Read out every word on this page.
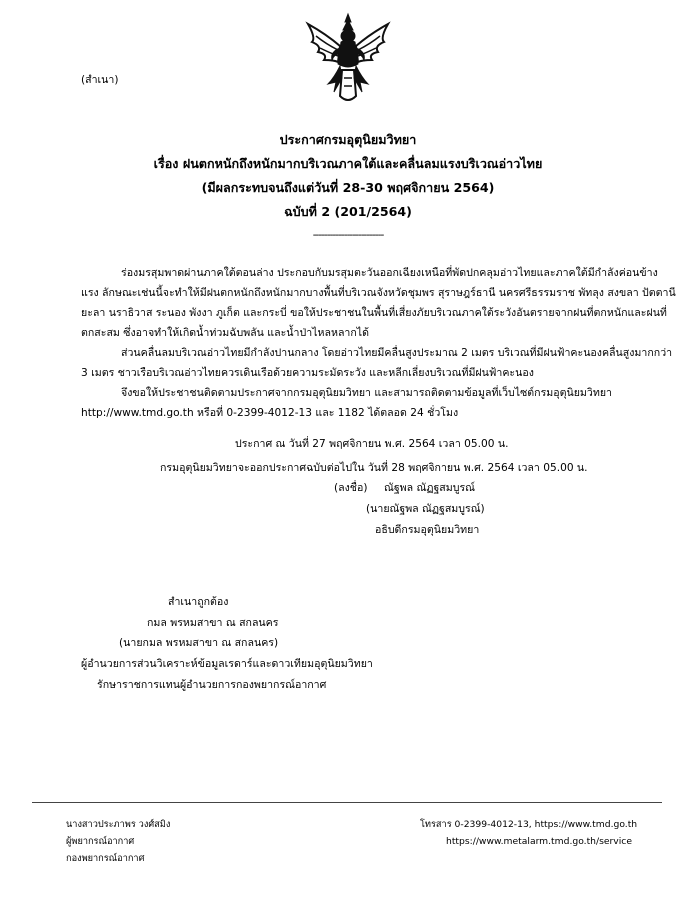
(สำเนา)
ประกาศกรมอุตุนิยมวิทยา
เรื่อง ฝนตกหนักถึงหนักมากบริเวณภาคใต้และคลื่นลมแรงบริเวณอ่าวไทย
(มีผลกระทบจนถึงแต่วันที่ 28-30 พฤศจิกายน 2564)
ฉบับที่ 2 (201/2564)
-------------------------
ร่องมรสุมพาดผ่านภาคใต้ตอนล่าง ประกอบกับมรสุมตะวันออกเฉียงเหนือที่พัดปกคลุมอ่าวไทยและภาคใต้มีกำลังค่อนข้าง
แรง ลักษณะเช่นนี้จะทำให้มีฝนตกหนักถึงหนักมากบางพื้นที่บริเวณจังหวัดชุมพร สุราษฎร์ธานี นครศรีธรรมราช พัทลุง สงขลา ปัตตานี
ยะลา นราธิวาส ระนอง พังงา ภูเก็ต และกระบี่ ขอให้ประชาชนในพื้นที่เสี่ยงภัยบริเวณภาคใต้ระวังอันตรายจากฝนที่ตกหนักและฝนที่
ตกสะสม ซึ่งอาจทำให้เกิดน้ำท่วมฉับพลัน และน้ำป่าไหลหลากได้
ส่วนคลื่นลมบริเวณอ่าวไทยมีกำลังปานกลาง โดยอ่าวไทยมีคลื่นสูงประมาณ 2 เมตร บริเวณที่มีฝนฟ้าคะนองคลื่นสูงมากกว่า
3 เมตร ชาวเรือบริเวณอ่าวไทยควรเดินเรือด้วยความระมัดระวัง และหลีกเลี่ยงบริเวณที่มีฝนฟ้าคะนอง
จึงขอให้ประชาชนติดตามประกาศจากกรมอุตุนิยมวิทยา และสามารถติดตามข้อมูลที่เว็บไซต์กรมอุตุนิยมวิทยา
http://www.tmd.go.th หรือที่ 0-2399-4012-13 และ 1182 ได้ตลอด 24 ชั่วโมง
ประกาศ ณ วันที่ 27 พฤศจิกายน พ.ศ. 2564 เวลา 05.00 น.
กรมอุตุนิยมวิทยาจะออกประกาศฉบับต่อไปใน วันที่ 28 พฤศจิกายน พ.ศ. 2564 เวลา 05.00 น.
(ลงชื่อ) ณัฐพล ณัฏฐสมบูรณ์
(นายณัฐพล ณัฏฐสมบูรณ์)
อธิบดีกรมอุตุนิยมวิทยา
สำเนาถูกต้อง
กมล พรหมสาขา ณ สกลนคร
(นายกมล พรหมสาขา ณ สกลนคร)
ผู้อำนวยการส่วนวิเคราะห์ข้อมูลเรดาร์และดาวเทียมอุตุนิยมวิทยา
รักษาราชการแทนผู้อำนวยการกองพยากรณ์อากาศ
นางสาวประภาพร วงศ์สมิง
ผู้พยากรณ์อากาศ
กองพยากรณ์อากาศ
โทรสาร 0-2399-4012-13, https://www.tmd.go.th
https://www.metalarm.tmd.go.th/service
